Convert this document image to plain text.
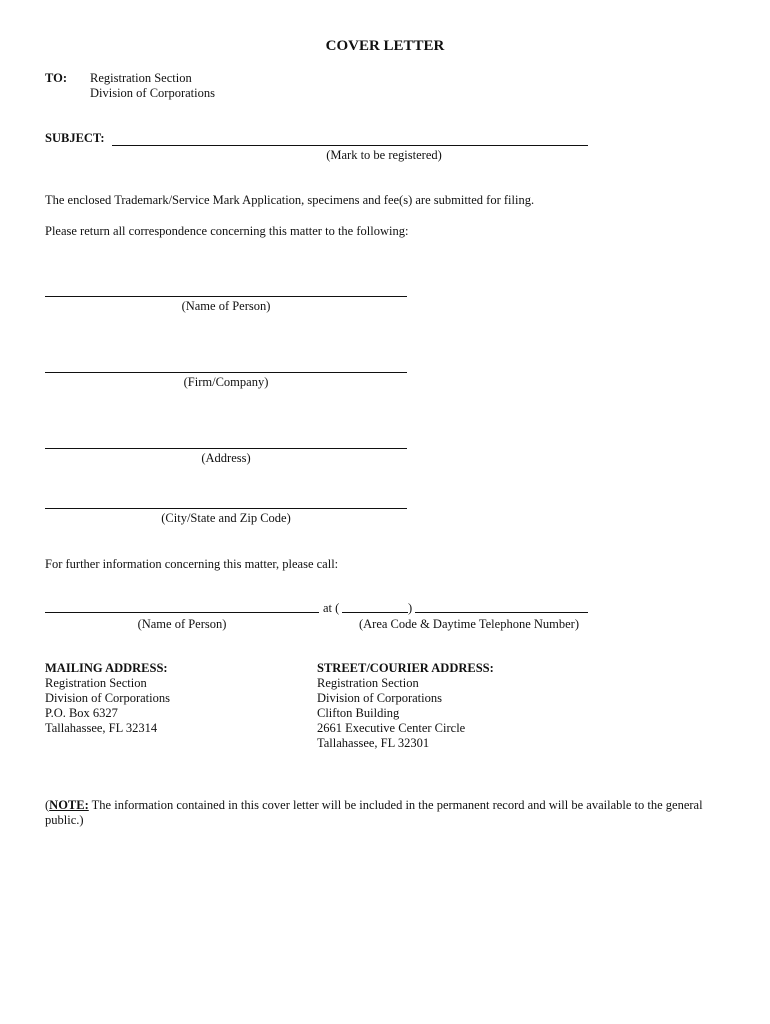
COVER LETTER
TO: Registration Section
Division of Corporations
SUBJECT:
(Mark to be registered)
The enclosed Trademark/Service Mark Application, specimens and fee(s) are submitted for filing.
Please return all correspondence concerning this matter to the following:
(Name of Person)
(Firm/Company)
(Address)
(City/State and Zip Code)
For further information concerning this matter, please call:
at (	)
(Name of Person)	(Area Code & Daytime Telephone Number)
MAILING ADDRESS:
Registration Section
Division of Corporations
P.O. Box 6327
Tallahassee, FL 32314
STREET/COURIER ADDRESS:
Registration Section
Division of Corporations
Clifton Building
2661 Executive Center Circle
Tallahassee, FL 32301
(NOTE: The information contained in this cover letter will be included in the permanent record and will be available to the general public.)
